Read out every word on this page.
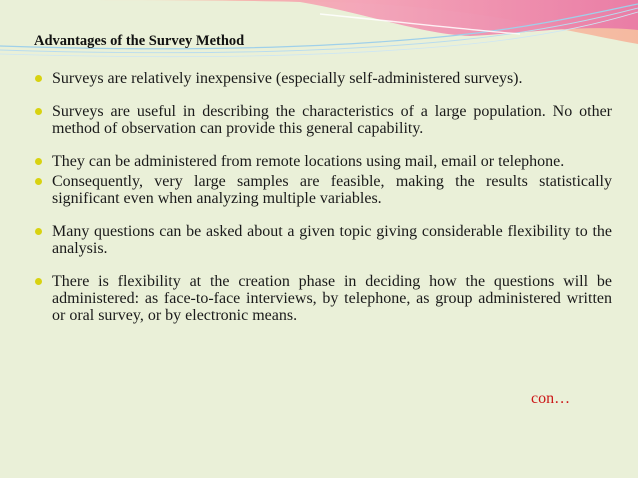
Advantages of the Survey Method
Surveys are relatively inexpensive (especially self-administered surveys).
Surveys are useful in describing the characteristics of a large population. No other method of observation can provide this general capability.
They can be administered from remote locations using mail, email or telephone.
Consequently, very large samples are feasible, making the results statistically significant even when analyzing multiple variables.
Many questions can be asked about a given topic giving considerable flexibility to the analysis.
There is flexibility at the creation phase in deciding how the questions will be administered: as face-to-face interviews, by telephone, as group administered written or oral survey, or by electronic means.

con…
